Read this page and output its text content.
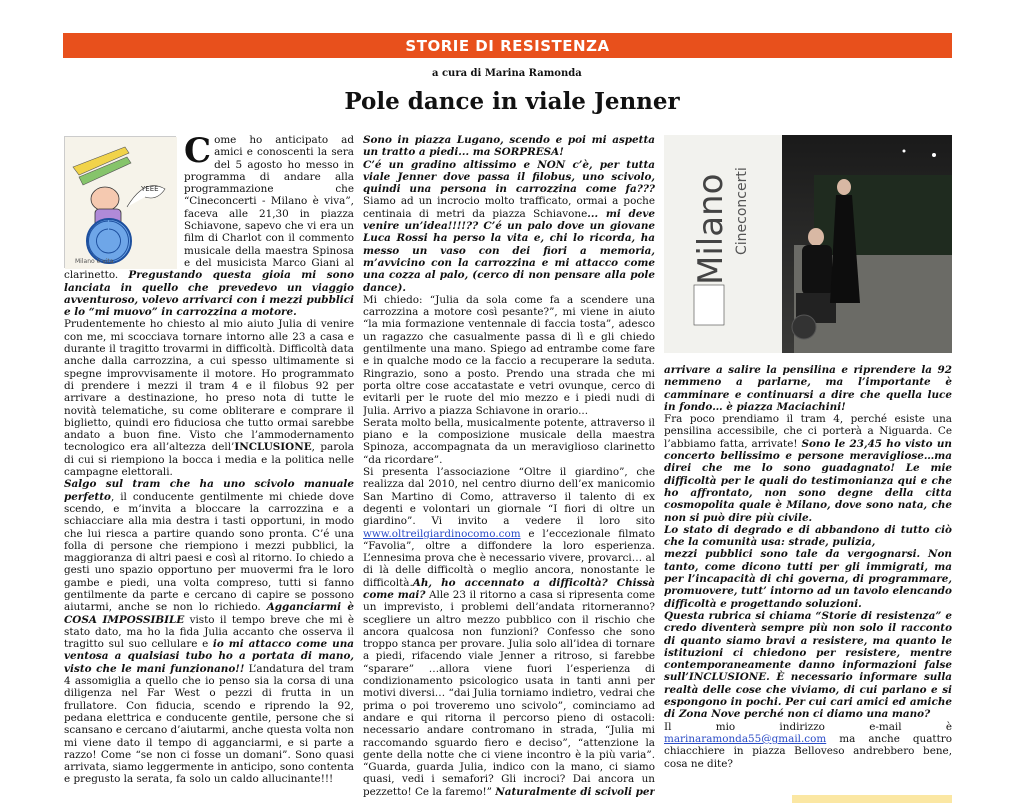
STORIE DI RESISTENZA
a cura di Marina Ramonda
Pole dance in viale Jenner
YEEE
Milano è vita	Milano Cineconcerti

Come ho anticipato ad amici e conoscenti la sera del 5 agosto ho messo in programma di andare alla programmazione che “Cineconcerti - Milano è viva”, faceva alle 21,30 in piazza Schiavone, sapevo che vi era un film di Charlot con il commento musicale della maestra Spinosa e del musicista Marco Giani al clarinetto. Pregustando questa gioia mi sono lanciata in quello che prevedevo un viaggio avventuroso, volevo arrivarci con i mezzi pubblici e lo “mi muovo” in carrozzina a motore.

Prudentemente ho chiesto al mio aiuto Julia di venire con me, mi scocciava tornare intorno alle 23 a casa e durante il tragitto trovarmi in difficoltà. Difficoltà data anche dalla carrozzina, a cui spesso ultimamente si spegne improvvisamente il motore. Ho programmato di prendere i mezzi il tram 4 e il filobus 92 per arrivare a destinazione, ho preso nota di tutte le novità telematiche, su come obliterare e comprare il biglietto, quindi ero fiduciosa che tutto ormai sarebbe andato a buon fine. Visto che l’ammodernamento tecnologico era all’altezza dell’INCLUSIONE, parola di cui si riempiono la bocca i media e la politica nelle campagne elettorali.

Salgo sul tram che ha uno scivolo manuale perfetto, il conducente gentilmente mi chiede dove scendo, e m’invita a bloccare la carrozzina e a schiacciare alla mia destra i tasti opportuni, in modo che lui riesca a partire quando sono pronta. C’é una folla di persone che riempiono i mezzi pubblici, la maggioranza di altri paesi e così al ritorno. Io chiedo a gesti uno spazio opportuno per muovermi fra le loro gambe e piedi, una volta compreso, tutti si fanno gentilmente da parte e cercano di capire se possono aiutarmi, anche se non lo richiedo. Agganciarmi è COSA IMPOSSIBILE visto il tempo breve che mi è stato dato, ma ho la fida Julia accanto che osserva il tragitto sul suo cellulare e io mi attacco come una ventosa a qualsiasi tubo ho a portata di mano, visto che le mani funzionano!! L’andatura del tram 4 assomiglia a quello che io penso sia la corsa di una diligenza nel Far West o pezzi di frutta in un frullatore. Con fiducia, scendo e riprendo la 92, pedana elettrica e conducente gentile, persone che si scansano e cercano d’aiutarmi, anche questa volta non mi viene dato il tempo di agganciarmi, e si parte a razzo! Come “se non ci fosse un domani”. Sono quasi arrivata, siamo leggermente in anticipo, sono contenta e pregusto la serata, fa solo un caldo allucinante!!!

Sono in piazza Lugano, scendo e poi mi aspetta un tratto a piedi... ma SORPRESA!

C’é un gradino altissimo e NON c’è, per tutta viale Jenner dove passa il filobus, uno scivolo, quindi una persona in carrozzina come fa??? Siamo ad un incrocio molto trafficato, ormai a poche centinaia di metri da piazza Schiavone... mi deve venire un’idea!!!!?? C’é un palo dove un giovane Luca Rossi ha perso la vita e, chi lo ricorda, ha messo un vaso con dei fiori a memoria, m’avvicino con la carrozzina e mi attacco come una cozza al palo, (cerco di non pensare alla pole dance).

Mi chiedo: “Julia da sola come fa a scendere una carrozzina a motore così pesante?”, mi viene in aiuto “la mia formazione ventennale di faccia tosta”, adesco un ragazzo che casualmente passa di lì e gli chiedo gentilmente una mano. Spiego ad entrambe come fare e in qualche modo ce la faccio a recuperare la seduta. Ringrazio, sono a posto. Prendo una strada che mi porta oltre cose accatastate e vetri ovunque, cerco di evitarli per le ruote del mio mezzo e i piedi nudi di Julia. Arrivo a piazza Schiavone in orario...

Serata molto bella, musicalmente potente, attraverso il piano e la composizione musicale della maestra Spinoza, accompagnata da un meraviglioso clarinetto “da ricordare”.

Si presenta l’associazione “Oltre il giardino”, che realizza dal 2010, nel centro diurno dell’ex manicomio San Martino di Como, attraverso il talento di ex degenti e volontari un giornale “I fiori di oltre un giardino”. Vi invito a vedere il loro sito www.oltreilgiardinocomo.com e l’eccezionale filmato “Favolia”, oltre a diffondere la loro esperienza. L’ennesima prova che è necessario vivere, provarci… al di là delle difficoltà o meglio ancora, nonostante le difficoltà.Ah, ho accennato a difficoltà? Chissà come mai? Alle 23 il ritorno a casa si ripresenta come un imprevisto, i problemi dell’andata ritorneranno? scegliere un altro mezzo pubblico con il rischio che ancora qualcosa non funzioni? Confesso che sono troppo stanca per provare. Julia solo all’idea di tornare a piedi, rifacendo viale Jenner a ritroso, si farebbe “sparare” …allora viene fuori l’esperienza di condizionamento psicologico usata in tanti anni per motivi diversi… “dai Julia torniamo indietro, vedrai che prima o poi troveremo uno scivolo”, cominciamo ad andare e qui ritorna il percorso pieno di ostacoli: necessario andare contromano in strada, “Julia mi raccomando sguardo fiero e deciso”, “attenzione la gente della notte che ci viene incontro è la più varia”. “Guarda, guarda Julia, indico con la mano, ci siamo quasi, vedi i semafori? Gli incroci? Dai ancora un pezzetto! Ce la faremo!” Naturalmente di scivoli per

arrivare a salire la pensilina e riprendere la 92 nemmeno a parlarne, ma l’importante è camminare e continuarsi a dire che quella luce in fondo… è piazza Maciachini!

Fra poco prendiamo il tram 4, perché esiste una pensilina accessibile, che ci porterà a Niguarda. Ce l’abbiamo fatta, arrivate! Sono le 23,45 ho visto un concerto bellissimo e persone meravigliose…ma direi che me lo sono guadagnato! Le mie difficoltà per le quali do testimonianza qui e che ho affrontato, non sono degne della citta cosmopolita quale è Milano, dove sono nata, che non si può dire più civile.

Lo stato di degrado e di abbandono di tutto ciò che la comunità usa: strade, pulizia,

mezzi pubblici sono tale da vergognarsi. Non tanto, come dicono tutti per gli immigrati, ma per l’incapacità di chi governa, di programmare, promuovere, tutt’ intorno ad un tavolo elencando difficoltà e progettando soluzioni.

Questa rubrica si chiama “Storie di resistenza” e credo diventerà sempre più non solo il racconto di quanto siamo bravi a resistere, ma quanto le istituzioni ci chiedono per resistere, mentre contemporaneamente danno informazioni false sull’INCLUSIONE. È necessario informare sulla realtà delle cose che viviamo, di cui parlano e si espongono in pochi. Per cui cari amici ed amiche di Zona Nove perché non ci diamo una mano?

Il mio indirizzo e-mail è marinaramonda55@gmail.com ma anche quattro chiacchiere in piazza Belloveso andrebbero bene, cosa ne dite?
